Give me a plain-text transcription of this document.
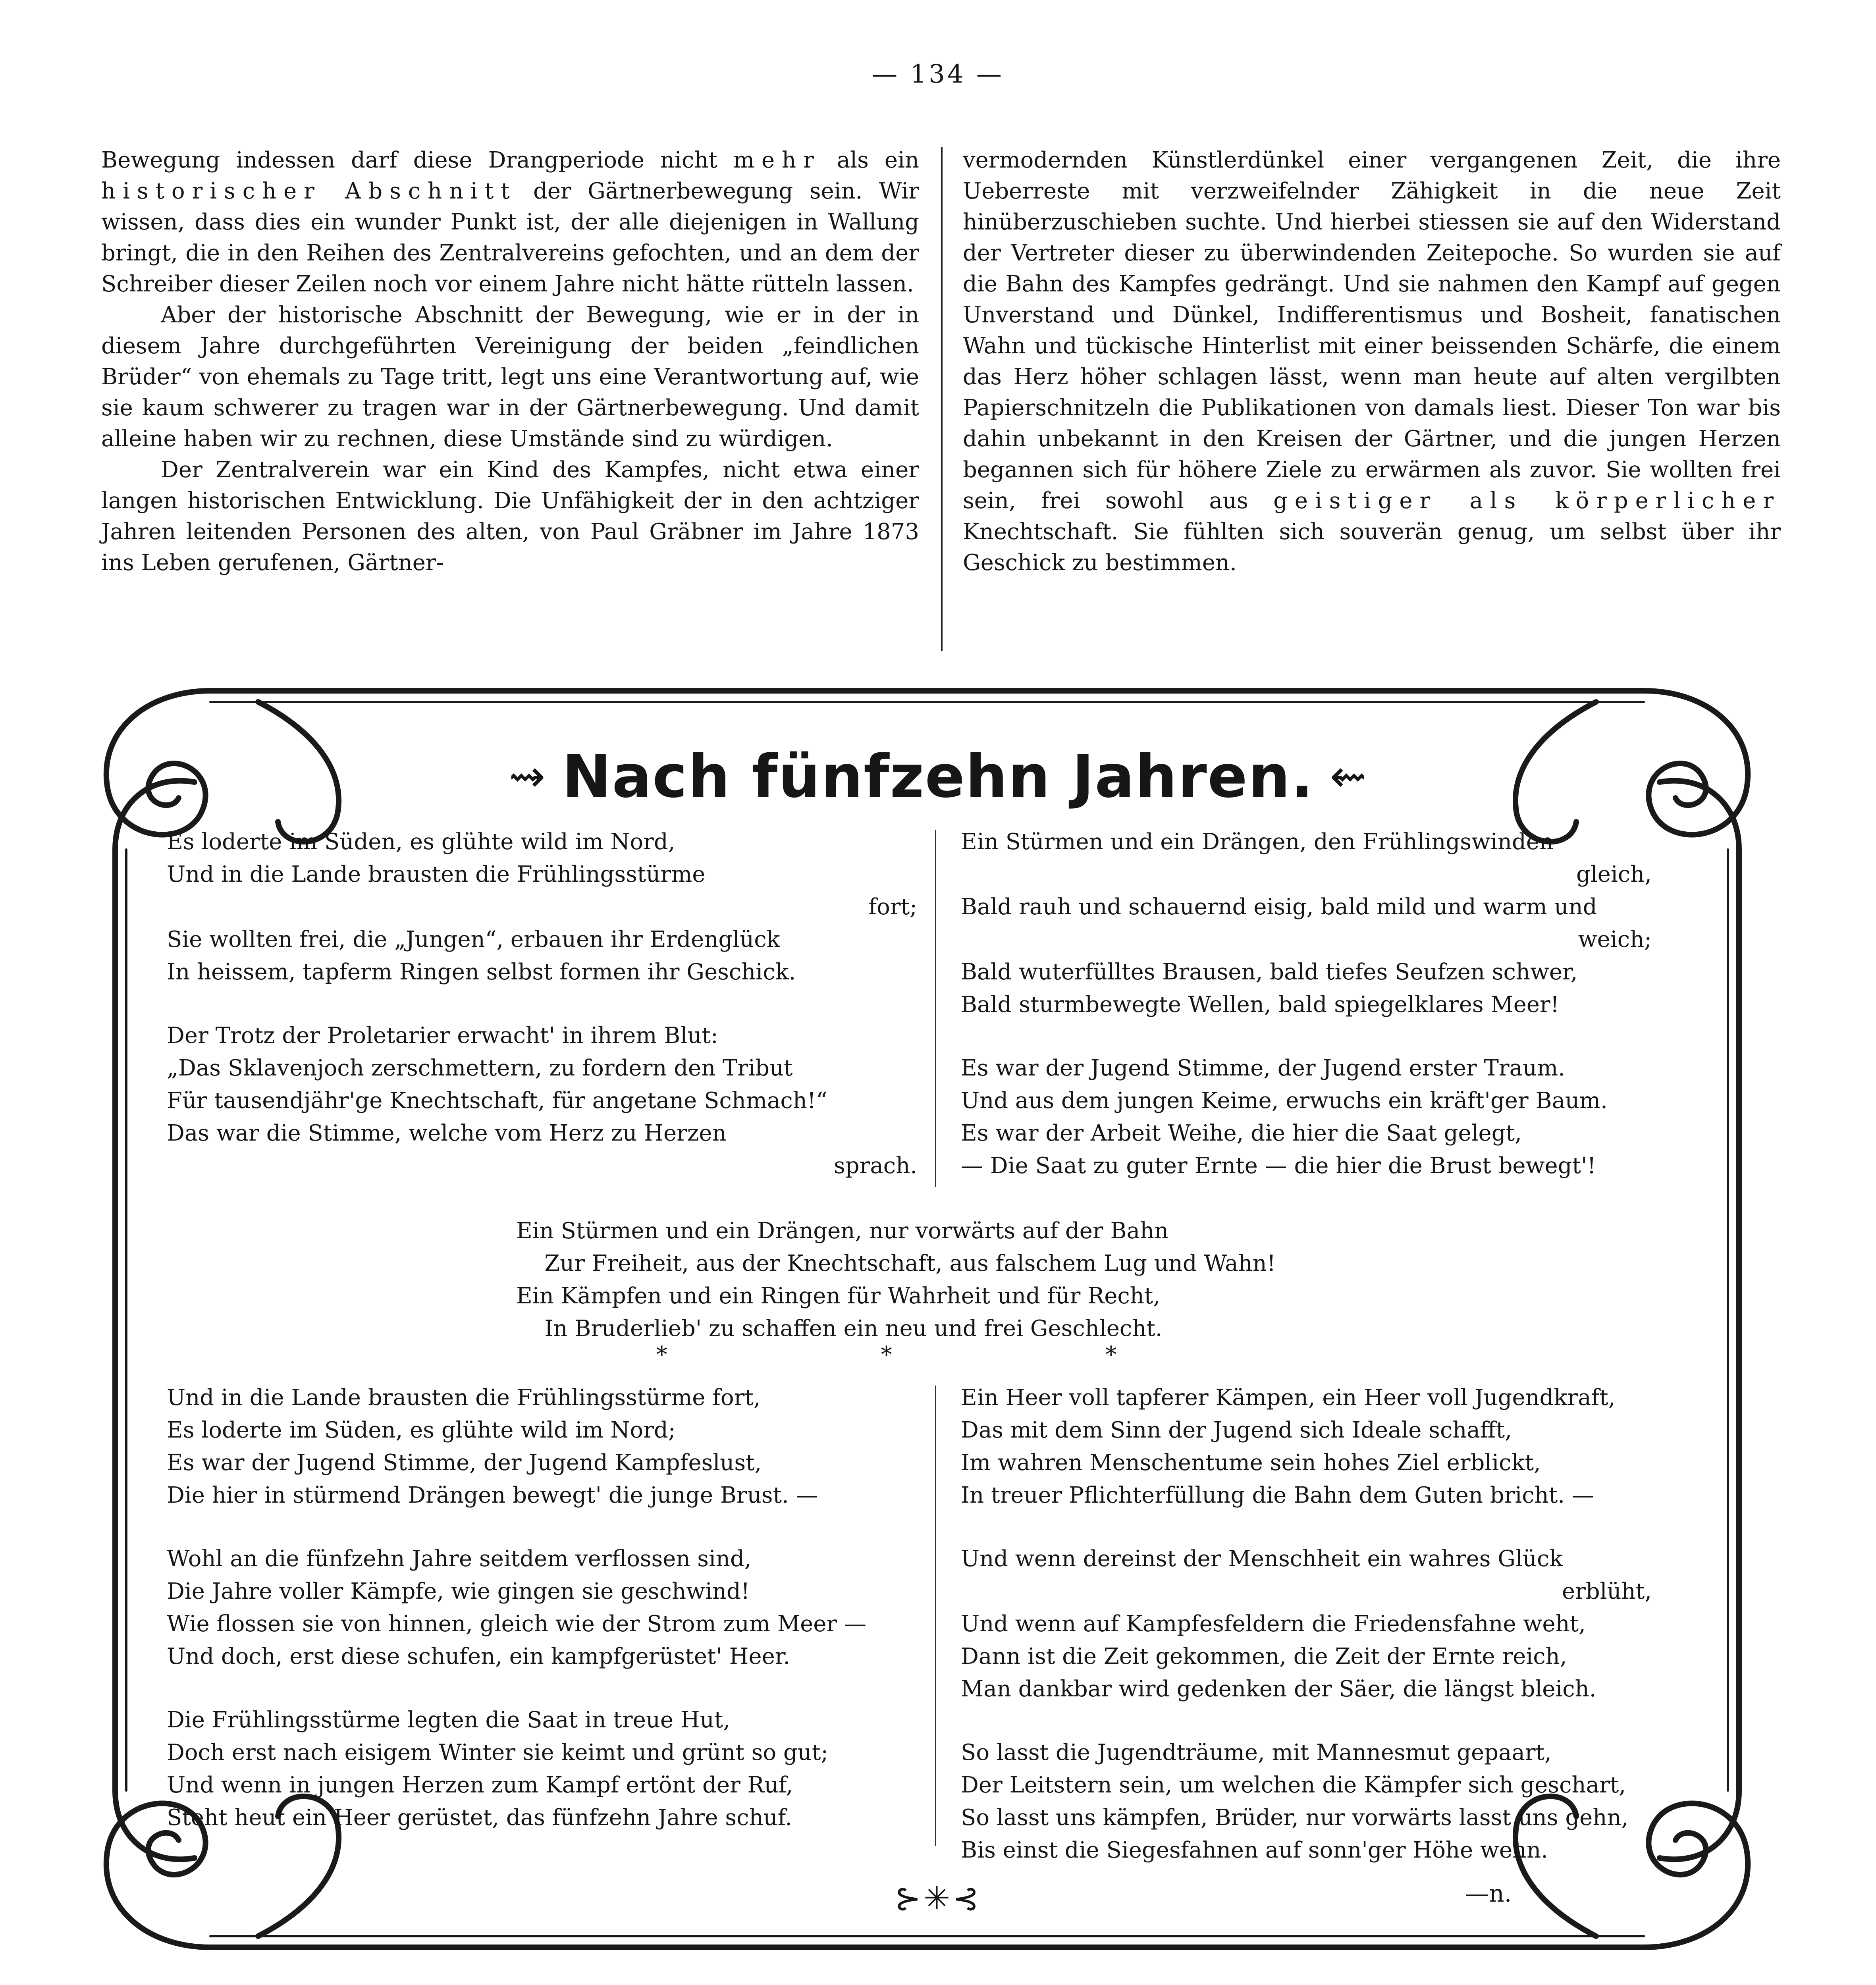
— 134 —

Bewegung indessen darf diese Drangperiode nicht mehr als ein historischer Abschnitt der Gärtnerbewegung sein. Wir wissen, dass dies ein wunder Punkt ist, der alle diejenigen in Wallung bringt, die in den Reihen des Zentralvereins gefochten, und an dem der Schreiber dieser Zeilen noch vor einem Jahre nicht hätte rütteln lassen.

Aber der historische Abschnitt der Bewegung, wie er in der in diesem Jahre durchgeführten Vereinigung der beiden „feindlichen Brüder“ von ehemals zu Tage tritt, legt uns eine Verantwortung auf, wie sie kaum schwerer zu tragen war in der Gärtnerbewegung. Und damit alleine haben wir zu rechnen, diese Umstände sind zu würdigen.

Der Zentralverein war ein Kind des Kampfes, nicht etwa einer langen historischen Entwicklung. Die Unfähigkeit der in den achtziger Jahren leitenden Personen des alten, von Paul Gräbner im Jahre 1873 ins Leben gerufenen, Gärtner-

vermodernden Künstlerdünkel einer vergangenen Zeit, die ihre Ueberreste mit verzweifelnder Zähigkeit in die neue Zeit hinüberzuschieben suchte. Und hierbei stiessen sie auf den Widerstand der Vertreter dieser zu überwindenden Zeitepoche. So wurden sie auf die Bahn des Kampfes gedrängt. Und sie nahmen den Kampf auf gegen Unverstand und Dünkel, Indifferentismus und Bosheit, fanatischen Wahn und tückische Hinterlist mit einer beissenden Schärfe, die einem das Herz höher schlagen lässt, wenn man heute auf alten vergilbten Papierschnitzeln die Publikationen von damals liest. Dieser Ton war bis dahin unbekannt in den Kreisen der Gärtner, und die jungen Herzen begannen sich für höhere Ziele zu erwärmen als zuvor. Sie wollten frei sein, frei sowohl aus geistiger als körperlicher Knechtschaft. Sie fühlten sich souverän genug, um selbst über ihr Geschick zu bestimmen.

⇝ Nach fünfzehn Jahren. ⇜
Es loderte im Süden, es glühte wild im Nord,
Und in die Lande brausten die Frühlingsstürme
fort;
Sie wollten frei, die „Jungen“, erbauen ihr Erdenglück
In heissem, tapferm Ringen selbst formen ihr Geschick.
Der Trotz der Proletarier erwacht' in ihrem Blut:
„Das Sklavenjoch zerschmettern, zu fordern den Tribut
Für tausendjähr'ge Knechtschaft, für angetane Schmach!“
Das war die Stimme, welche vom Herz zu Herzen
sprach.
Ein Stürmen und ein Drängen, den Frühlingswinden
gleich,
Bald rauh und schauernd eisig, bald mild und warm und
weich;
Bald wuterfülltes Brausen, bald tiefes Seufzen schwer,
Bald sturmbewegte Wellen, bald spiegelklares Meer!
Es war der Jugend Stimme, der Jugend erster Traum.
Und aus dem jungen Keime, erwuchs ein kräft'ger Baum.
Es war der Arbeit Weihe, die hier die Saat gelegt,
— Die Saat zu guter Ernte — die hier die Brust bewegt'!
Ein Stürmen und ein Drängen, nur vorwärts auf der Bahn
Zur Freiheit, aus der Knechtschaft, aus falschem Lug und Wahn!
Ein Kämpfen und ein Ringen für Wahrheit und für Recht,
In Bruderlieb' zu schaffen ein neu und frei Geschlecht.
* * *
Und in die Lande brausten die Frühlingsstürme fort,
Es loderte im Süden, es glühte wild im Nord;
Es war der Jugend Stimme, der Jugend Kampfeslust,
Die hier in stürmend Drängen bewegt' die junge Brust. —
Wohl an die fünfzehn Jahre seitdem verflossen sind,
Die Jahre voller Kämpfe, wie gingen sie geschwind!
Wie flossen sie von hinnen, gleich wie der Strom zum Meer —
Und doch, erst diese schufen, ein kampfgerüstet' Heer.
Die Frühlingsstürme legten die Saat in treue Hut,
Doch erst nach eisigem Winter sie keimt und grünt so gut;
Und wenn in jungen Herzen zum Kampf ertönt der Ruf,
Steht heut ein Heer gerüstet, das fünfzehn Jahre schuf.
Ein Heer voll tapferer Kämpen, ein Heer voll Jugendkraft,
Das mit dem Sinn der Jugend sich Ideale schafft,
Im wahren Menschentume sein hohes Ziel erblickt,
In treuer Pflichterfüllung die Bahn dem Guten bricht. —
Und wenn dereinst der Menschheit ein wahres Glück
erblüht,
Und wenn auf Kampfesfeldern die Friedensfahne weht,
Dann ist die Zeit gekommen, die Zeit der Ernte reich,
Man dankbar wird gedenken der Säer, die längst bleich.
So lasst die Jugendträume, mit Mannesmut gepaart,
Der Leitstern sein, um welchen die Kämpfer sich geschart,
So lasst uns kämpfen, Brüder, nur vorwärts lasst uns gehn,
Bis einst die Siegesfahnen auf sonn'ger Höhe wehn.
⊱✳⊰	—n.
